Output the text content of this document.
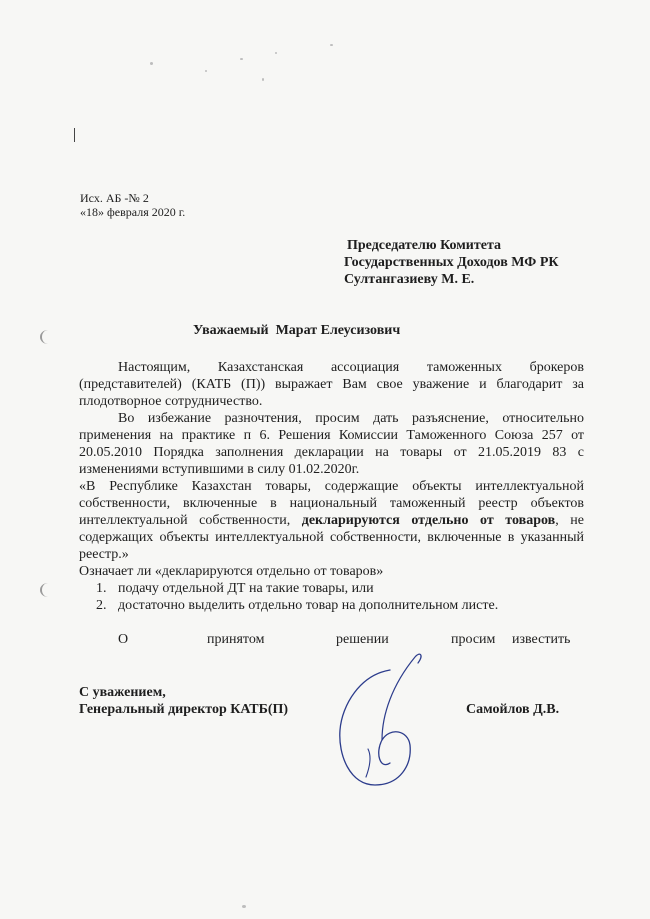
Исх. АБ -№ 2
«18» февраля 2020 г.
Председателю Комитета
Государственных Доходов МФ РК
Султангазиеву М. Е.
Уважаемый  Марат Елеусизович

Настоящим, Казахстанская ассоциация таможенных брокеров (представителей) (КАТБ (П)) выражает Вам свое уважение и благодарит за плодотворное сотрудничество.

Во избежание разночтения, просим дать разъяснение, относительно применения на практике п 6. Решения Комиссии Таможенного Союза 257 от 20.05.2010 Порядка заполнения декларации на товары от 21.05.2019 83 с изменениями вступившими в силу 01.02.2020г.

«В Республике Казахстан товары, содержащие объекты интеллектуальной собственности, включенные в национальный таможенный реестр объектов интеллектуальной собственности, декларируются отдельно от товаров, не содержащих объекты интеллектуальной собственности, включенные в указанный реестр.»

Означает ли «декларируются отдельно от товаров»
1. подачу отдельной ДТ на такие товары, или
2. достаточно выделить отдельно товар на дополнительном листе.
О	принятом	решении	просим известить
С уважением,
Генеральный директор КАТБ(П)	Самойлов Д.В.
